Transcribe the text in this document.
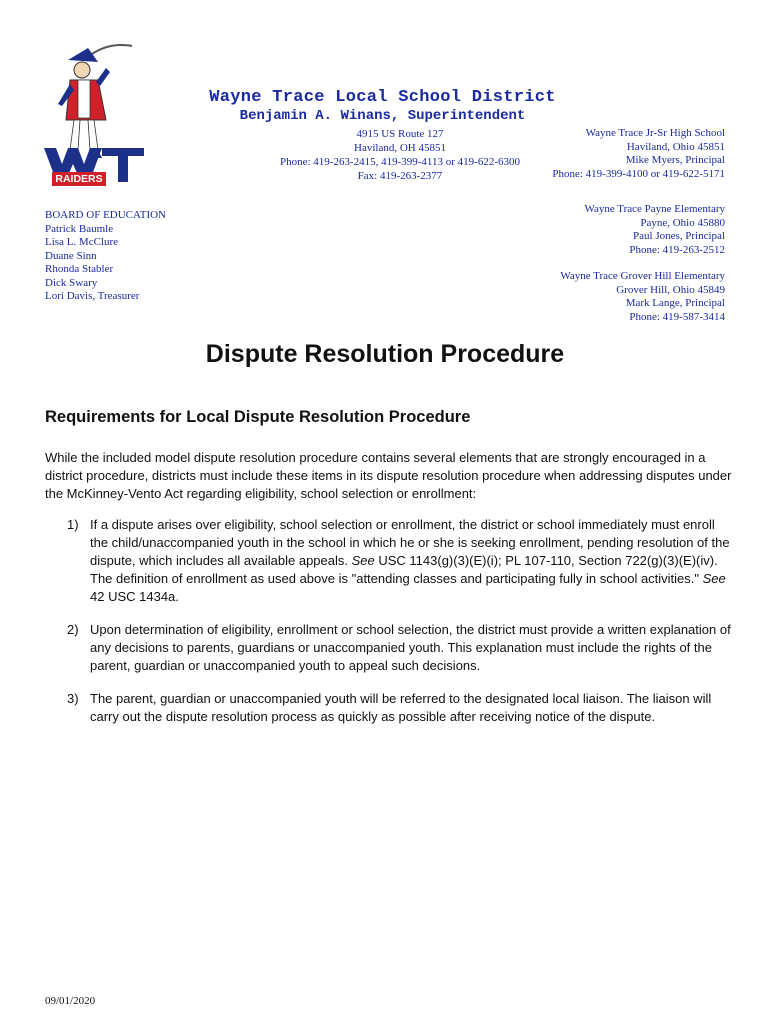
RAIDERS
Wayne Trace Local School District
Benjamin A. Winans, Superintendent
4915 US Route 127
Haviland, OH 45851
Phone: 419-263-2415, 419-399-4113 or 419-622-6300
Fax: 419-263-2377
Wayne Trace Jr-Sr High School
Haviland, Ohio 45851
Mike Myers, Principal
Phone: 419-399-4100 or 419-622-5171
Wayne Trace Payne Elementary
Payne, Ohio 45880
Paul Jones, Principal
Phone: 419-263-2512
Wayne Trace Grover Hill Elementary
Grover Hill, Ohio 45849
Mark Lange, Principal
Phone: 419-587-3414
BOARD OF EDUCATION
Patrick Baumle
Lisa L. McClure
Duane Sinn
Rhonda Stabler
Dick Swary
Lori Davis, Treasurer
Dispute Resolution Procedure
Requirements for Local Dispute Resolution Procedure

While the included model dispute resolution procedure contains several elements that are strongly encouraged in a district procedure, districts must include these items in its dispute resolution procedure when addressing disputes under the McKinney-Vento Act regarding eligibility, school selection or enrollment:

1) If a dispute arises over eligibility, school selection or enrollment, the district or school immediately must enroll the child/unaccompanied youth in the school in which he or she is seeking enrollment, pending resolution of the dispute, which includes all available appeals. See USC 1143(g)(3)(E)(i); PL 107-110, Section 722(g)(3)(E)(iv). The definition of enrollment as used above is "attending classes and participating fully in school activities." See 42 USC 1434a.
2) Upon determination of eligibility, enrollment or school selection, the district must provide a written explanation of any decisions to parents, guardians or unaccompanied youth. This explanation must include the rights of the parent, guardian or unaccompanied youth to appeal such decisions.
3) The parent, guardian or unaccompanied youth will be referred to the designated local liaison. The liaison will carry out the dispute resolution process as quickly as possible after receiving notice of the dispute.
09/01/2020
